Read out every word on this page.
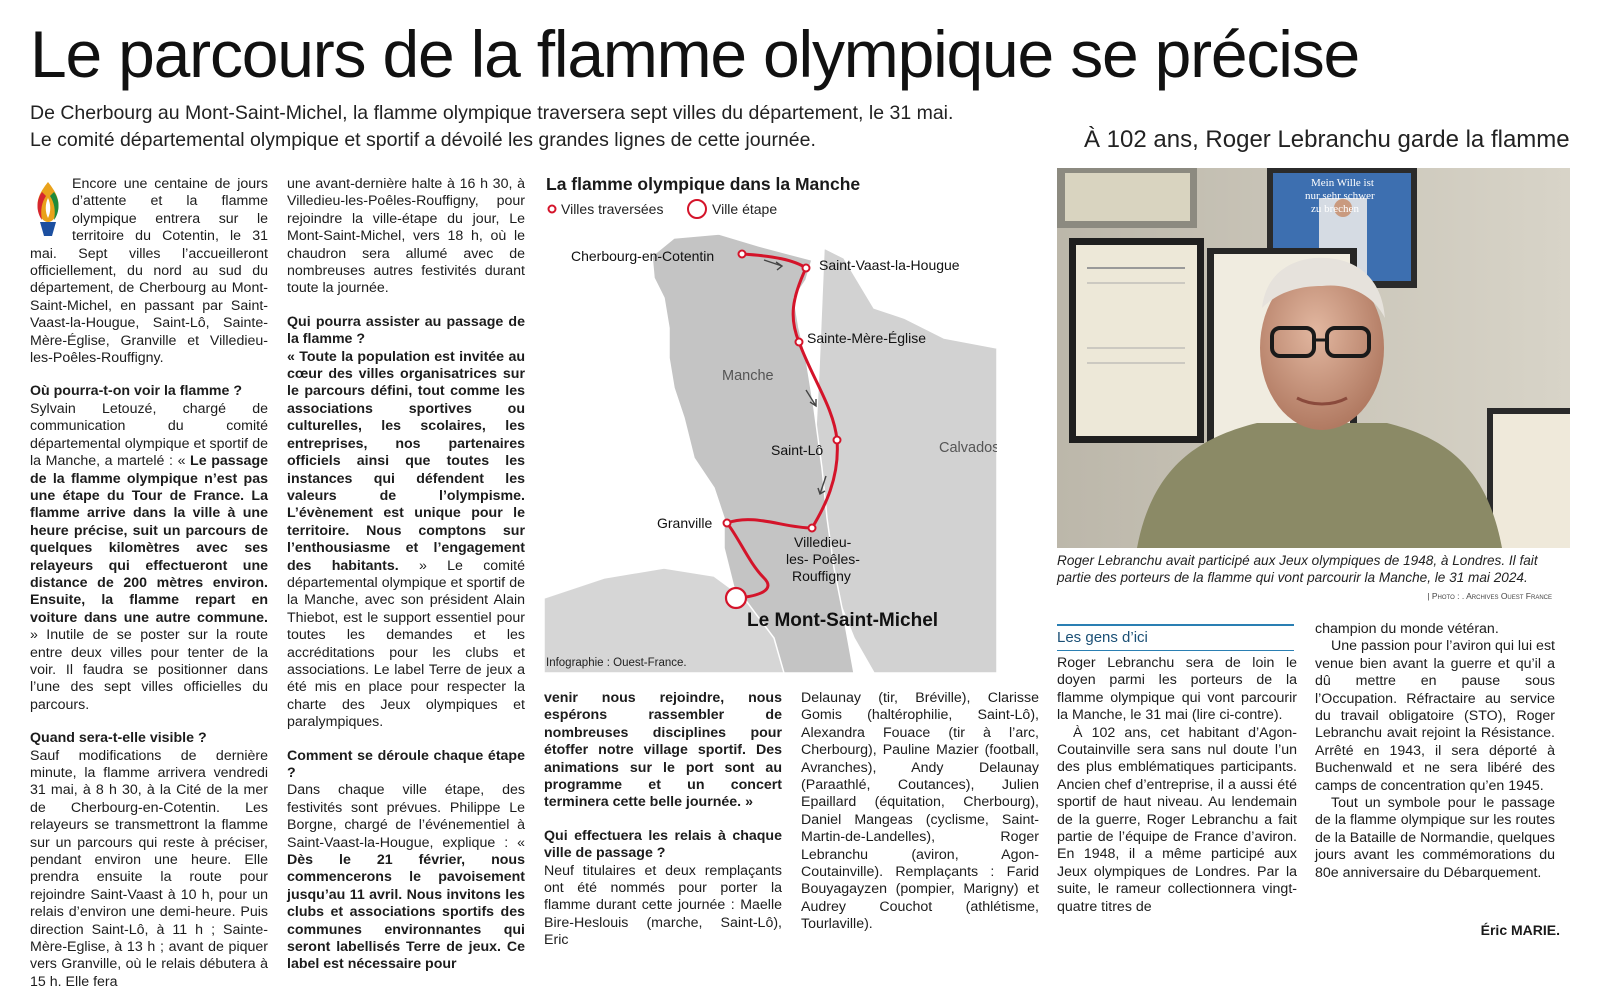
Le parcours de la flamme olympique se précise

De Cherbourg au Mont-Saint-Michel, la flamme olympique traversera sept villes du département, le 31 mai. Le comité départemental olympique et sportif a dévoilé les grandes lignes de cette journée.	À 102 ans, Roger Lebranchu garde la flamme

Encore une centaine de jours d’attente et la flamme olympique entrera sur le territoire du Cotentin, le 31 mai. Sept villes l’accueilleront officiellement, du nord au sud du département, de Cherbourg au Mont-Saint-Michel, en passant par Saint-Vaast-la-Hougue, Saint-Lô, Sainte-Mère-Église, Granville et Villedieu-les-Poêles-Rouffigny.

Où pourra-t-on voir la flamme ?

Sylvain Letouzé, chargé de communication du comité départemental olympique et sportif de la Manche, a martelé : « Le passage de la flamme olympique n’est pas une étape du Tour de France. La flamme arrive dans la ville à une heure précise, suit un parcours de quelques kilomètres avec ses relayeurs qui effectueront une distance de 200 mètres environ. Ensuite, la flamme repart en voiture dans une autre commune. » Inutile de se poster sur la route entre deux villes pour tenter de la voir. Il faudra se positionner dans l’une des sept villes officielles du parcours.

Quand sera-t-elle visible ?

Sauf modifications de dernière minute, la flamme arrivera vendredi 31 mai, à 8 h 30, à la Cité de la mer de Cherbourg-en-Cotentin. Les relayeurs se transmettront la flamme sur un parcours qui reste à préciser, pendant environ une heure. Elle prendra ensuite la route pour rejoindre Saint-Vaast à 10 h, pour un relais d’environ une demi-heure. Puis direction Saint-Lô, à 11 h ; Sainte-Mère-Eglise, à 13 h ; avant de piquer vers Granville, où le relais débutera à 15 h. Elle fera

une avant-dernière halte à 16 h 30, à Villedieu-les-Poêles-Rouffigny, pour rejoindre la ville-étape du jour, Le Mont-Saint-Michel, vers 18 h, où le chaudron sera allumé avec de nombreuses autres festivités durant toute la journée.

Qui pourra assister au passage de la flamme ?

« Toute la population est invitée au cœur des villes organisatrices sur le parcours défini, tout comme les associations sportives ou culturelles, les scolaires, les entreprises, nos partenaires officiels ainsi que toutes les instances qui défendent les valeurs de l’olympisme. L’évènement est unique pour le territoire. Nous comptons sur l’enthousiasme et l’engagement des habitants. » Le comité départemental olympique et sportif de la Manche, avec son président Alain Thiebot, est le support essentiel pour toutes les demandes et les accréditations pour les clubs et associations. Le label Terre de jeux a été mis en place pour respecter la charte des Jeux olympiques et paralympiques.

Comment se déroule chaque étape ?

Dans chaque ville étape, des festivités sont prévues. Philippe Le Borgne, chargé de l’événementiel à Saint-Vaast-la-Hougue, explique : « Dès le 21 février, nous commencerons le pavoisement jusqu’au 11 avril. Nous invitons les clubs et associations sportifs des communes environnantes qui seront labellisés Terre de jeux. Ce label est nécessaire pour

La flamme olympique dans la Manche
Villes traversées	Ville étape
Manche
Calvados
Cherbourg-en-Cotentin
Saint-Vaast-la-Hougue
Sainte-Mère-Église
Saint-Lô
Granville
Villedieu-
les- Poêles-
Rouffigny
Le Mont-Saint-Michel
Infographie : Ouest-France.

venir nous rejoindre, nous espérons rassembler de nombreuses disciplines pour étoffer notre village sportif. Des animations sur le port sont au programme et un concert terminera cette belle journée. »

Qui effectuera les relais à chaque ville de passage ?

Neuf titulaires et deux remplaçants ont été nommés pour porter la flamme durant cette journée : Maelle Bire-Heslouis (marche, Saint-Lô), Eric

Delaunay (tir, Bréville), Clarisse Gomis (haltérophilie, Saint-Lô), Alexandra Fouace (tir à l’arc, Cherbourg), Pauline Mazier (football, Avranches), Andy Delaunay (Paraathlé, Coutances), Julien Epaillard (équitation, Cherbourg), Daniel Mangeas (cyclisme, Saint-Martin-de-Landelles), Roger Lebranchu (aviron, Agon-Coutainville). Remplaçants : Farid Bouyagayzen (pompier, Marigny) et Audrey Couchot (athlétisme, Tourlaville).

Mein Wille ist
nur sehr schwer
zu brechen
Roger Lebranchu avait participé aux Jeux olympiques de 1948, à Londres. Il fait partie des porteurs de la flamme qui vont parcourir la Manche, le 31 mai 2024.
| Photo : . Archives Ouest France
Les gens d’ici

Roger Lebranchu sera de loin le doyen parmi les porteurs de la flamme olympique qui vont parcourir la Manche, le 31 mai (lire ci-contre).

À 102 ans, cet habitant d’Agon-Coutainville sera sans nul doute l’un des plus emblématiques participants. Ancien chef d’entreprise, il a aussi été sportif de haut niveau. Au lendemain de la guerre, Roger Lebranchu a fait partie de l’équipe de France d’aviron. En 1948, il a même participé aux Jeux olympiques de Londres. Par la suite, le rameur collectionnera vingt-quatre titres de

champion du monde vétéran.

Une passion pour l’aviron qui lui est venue bien avant la guerre et qu’il a dû mettre en pause sous l’Occupation. Réfractaire au service du travail obligatoire (STO), Roger Lebranchu avait rejoint la Résistance. Arrêté en 1943, il sera déporté à Buchenwald et ne sera libéré des camps de concentration qu’en 1945.

Tout un symbole pour le passage de la flamme olympique sur les routes de la Bataille de Normandie, quelques jours avant les commémorations du 80e anniversaire du Débarquement.

Éric MARIE.
